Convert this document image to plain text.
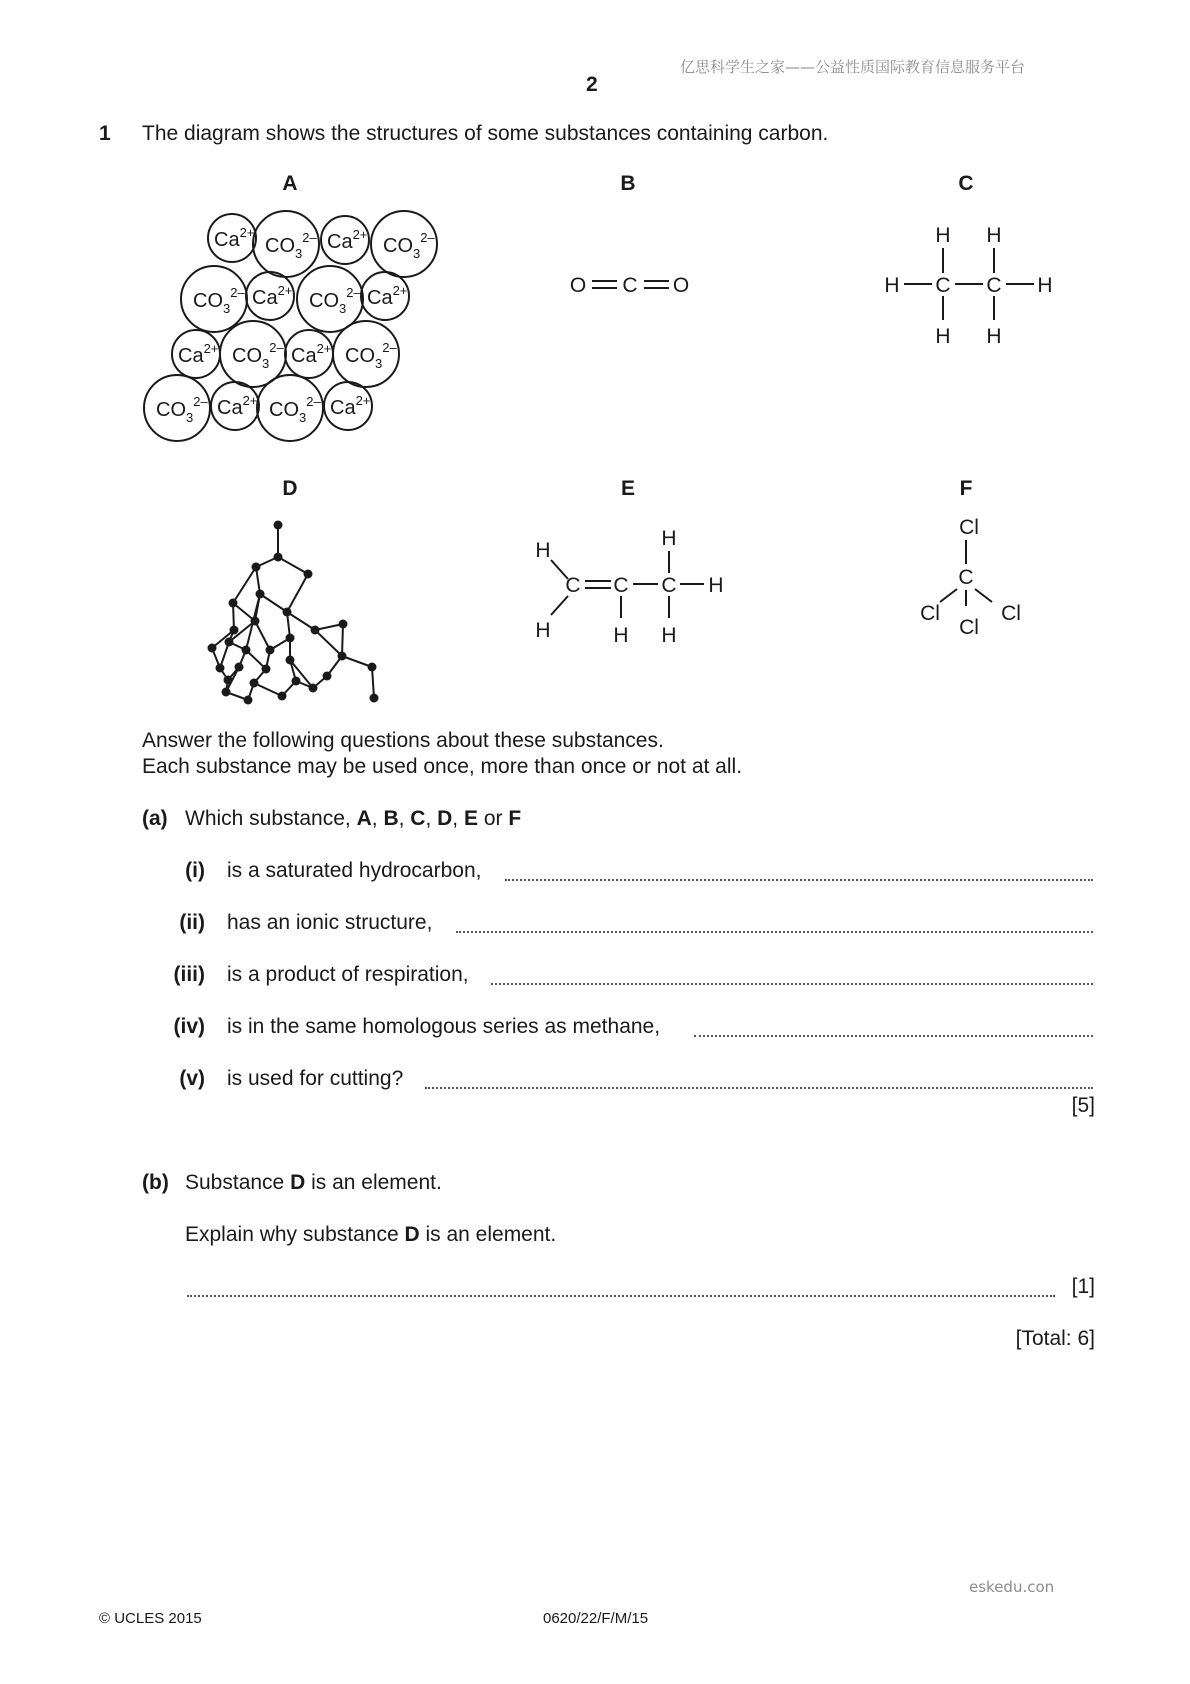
亿思科学生之家——公益性质国际教育信息服务平台
2
1 The diagram shows the structures of some substances containing carbon.
A	B	C
D	E	F
$Ca^{2+}$
$CO_3^{2-}$ $Ca^{2+}$
$CO_3^{2-}$
$CO_3^{2-}$ $Ca^{2+}$ $CO_3^{2-}$ $Ca^{2+}$
$Ca^{2+}$ $CO_3^{2-}$ $Ca^{2+}$ $CO_3^{2-}$
$CO_3^{2-}$ $Ca^{2+}$ $CO_3^{2-}$ $Ca^{2+}$
O C O
H H
H C C H
H H
H
C C C H
H
H	H H
Cl
C
Cl	Cl
Cl
Answer the following questions about these substances.
Each substance may be used once, more than once or not at all.
(a) Which substance, A, B, C, D, E or F
(i) is a saturated hydrocarbon,
(ii) has an ionic structure,
(iii) is a product of respiration,
(iv) is in the same homologous series as methane,
(v) is used for cutting?
[5]
(b) Substance D is an element.
Explain why substance D is an element.
[1]
[Total: 6]
eskedu.con
© UCLES 2015	0620/22/F/M/15
